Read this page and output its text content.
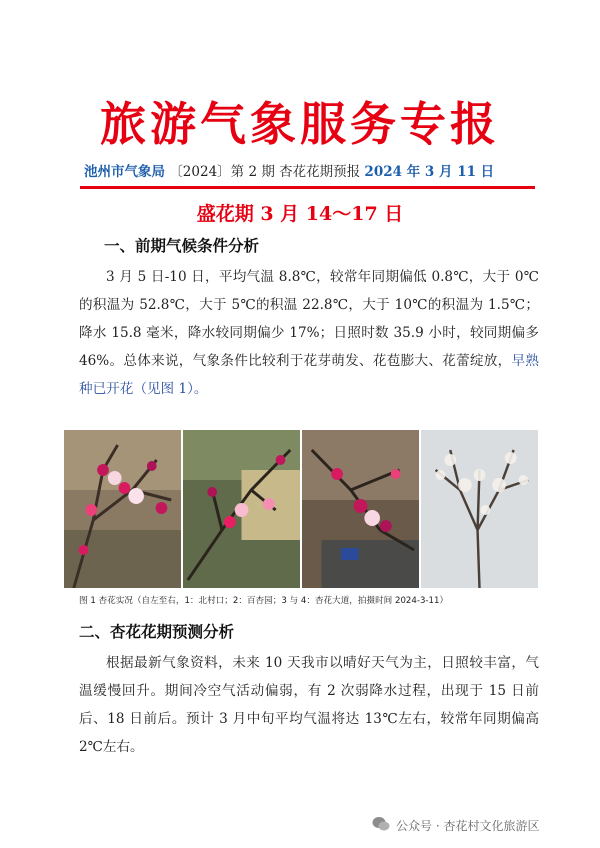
旅游气象服务专报
池州市气象局 〔2024〕第 2 期 杏花花期预报 2024 年 3 月 11 日
盛花期 3 月 14～17 日
一、前期气候条件分析
3 月 5 日-10 日，平均气温 8.8℃，较常年同期偏低 0.8℃，大于 0℃的积温为 52.8℃，大于 5℃的积温 22.8℃，大于 10℃的积温为 1.5℃；降水 15.8 毫米，降水较同期偏少 17%；日照时数 35.9 小时，较同期偏多 46%。总体来说，气象条件比较利于花芽萌发、花苞膨大、花蕾绽放，早熟种已开花（见图 1）。
图 1 杏花实况（自左至右，1：北村口；2：百杏园；3 与 4：杏花大道，拍摄时间 2024-3-11）
二、杏花花期预测分析
根据最新气象资料，未来 10 天我市以晴好天气为主，日照较丰富，气温缓慢回升。期间冷空气活动偏弱，有 2 次弱降水过程，出现于 15 日前后、18 日前后。预计 3 月中旬平均气温将达 13℃左右，较常年同期偏高 2℃左右。
公众号 · 杏花村文化旅游区
